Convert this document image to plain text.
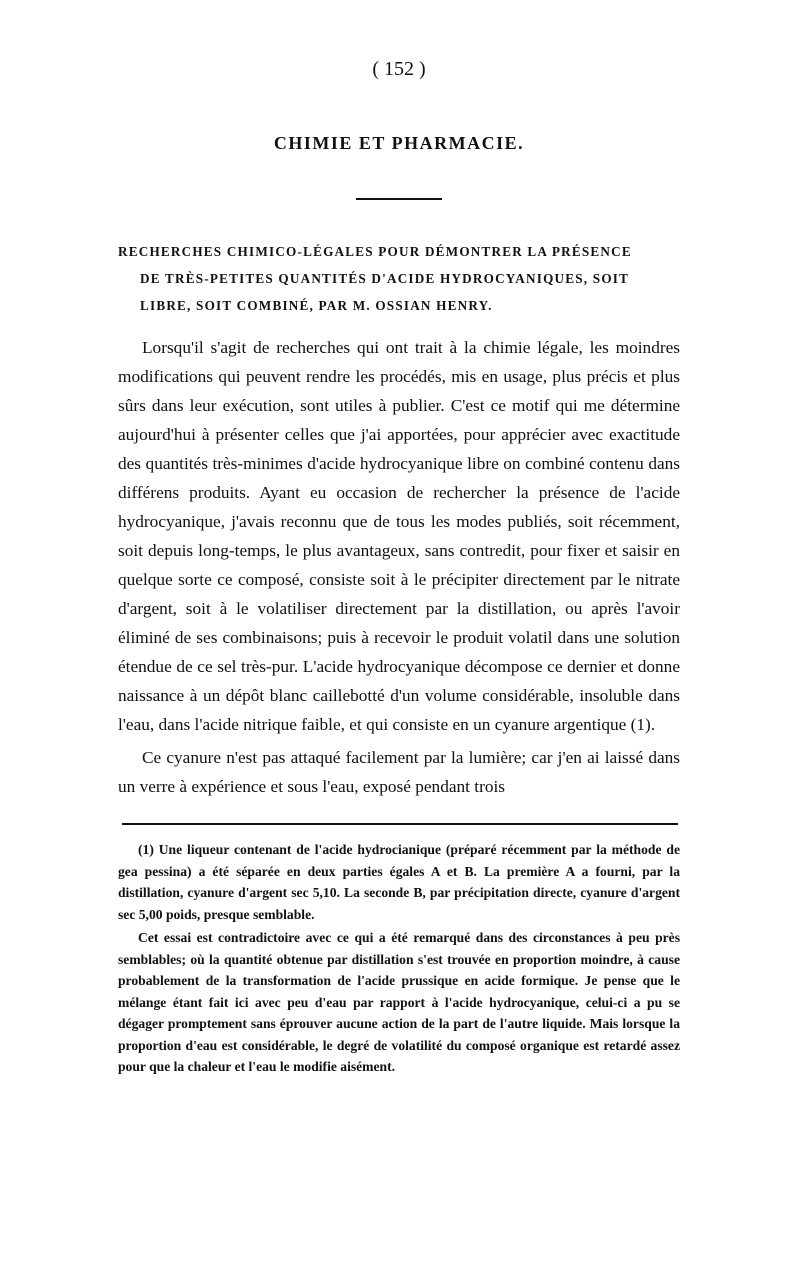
( 152 )
CHIMIE ET PHARMACIE.
RECHERCHES CHIMICO-LÉGALES POUR DÉMONTRER LA PRÉSENCE
DE TRÈS-PETITES QUANTITÉS D'ACIDE HYDROCYANIQUES, SOIT
LIBRE, SOIT COMBINÉ, PAR M. OSSIAN HENRY.

Lorsqu'il s'agit de recherches qui ont trait à la chimie légale, les moindres modifications qui peuvent rendre les procédés, mis en usage, plus précis et plus sûrs dans leur exécution, sont utiles à publier. C'est ce motif qui me détermine aujourd'hui à présenter celles que j'ai apportées, pour apprécier avec exactitude des quantités très-minimes d'acide hydrocyanique libre on combiné contenu dans différens produits. Ayant eu occasion de rechercher la présence de l'acide hydrocyanique, j'avais reconnu que de tous les modes publiés, soit récemment, soit depuis long-temps, le plus avantageux, sans contredit, pour fixer et saisir en quelque sorte ce composé, consiste soit à le précipiter directement par le nitrate d'argent, soit à le volatiliser directement par la distillation, ou après l'avoir éliminé de ses combinaisons; puis à recevoir le produit volatil dans une solution étendue de ce sel très-pur. L'acide hydrocyanique décompose ce dernier et donne naissance à un dépôt blanc caillebotté d'un volume considérable, insoluble dans l'eau, dans l'acide nitrique faible, et qui consiste en un cyanure argentique (1).

Ce cyanure n'est pas attaqué facilement par la lumière; car j'en ai laissé dans un verre à expérience et sous l'eau, exposé pendant trois

(1) Une liqueur contenant de l'acide hydrocianique (préparé récemment par la méthode de gea pessina) a été séparée en deux parties égales A et B. La première A a fourni, par la distillation, cyanure d'argent sec 5,10. La seconde B, par précipitation directe, cyanure d'argent sec 5,00 poids, presque semblable.

Cet essai est contradictoire avec ce qui a été remarqué dans des circonstances à peu près semblables; où la quantité obtenue par distillation s'est trouvée en proportion moindre, à cause probablement de la transformation de l'acide prussique en acide formique. Je pense que le mélange étant fait ici avec peu d'eau par rapport à l'acide hydrocyanique, celui-ci a pu se dégager promptement sans éprouver aucune action de la part de l'autre liquide. Mais lorsque la proportion d'eau est considérable, le degré de volatilité du composé organique est retardé assez pour que la chaleur et l'eau le modifie aisément.
